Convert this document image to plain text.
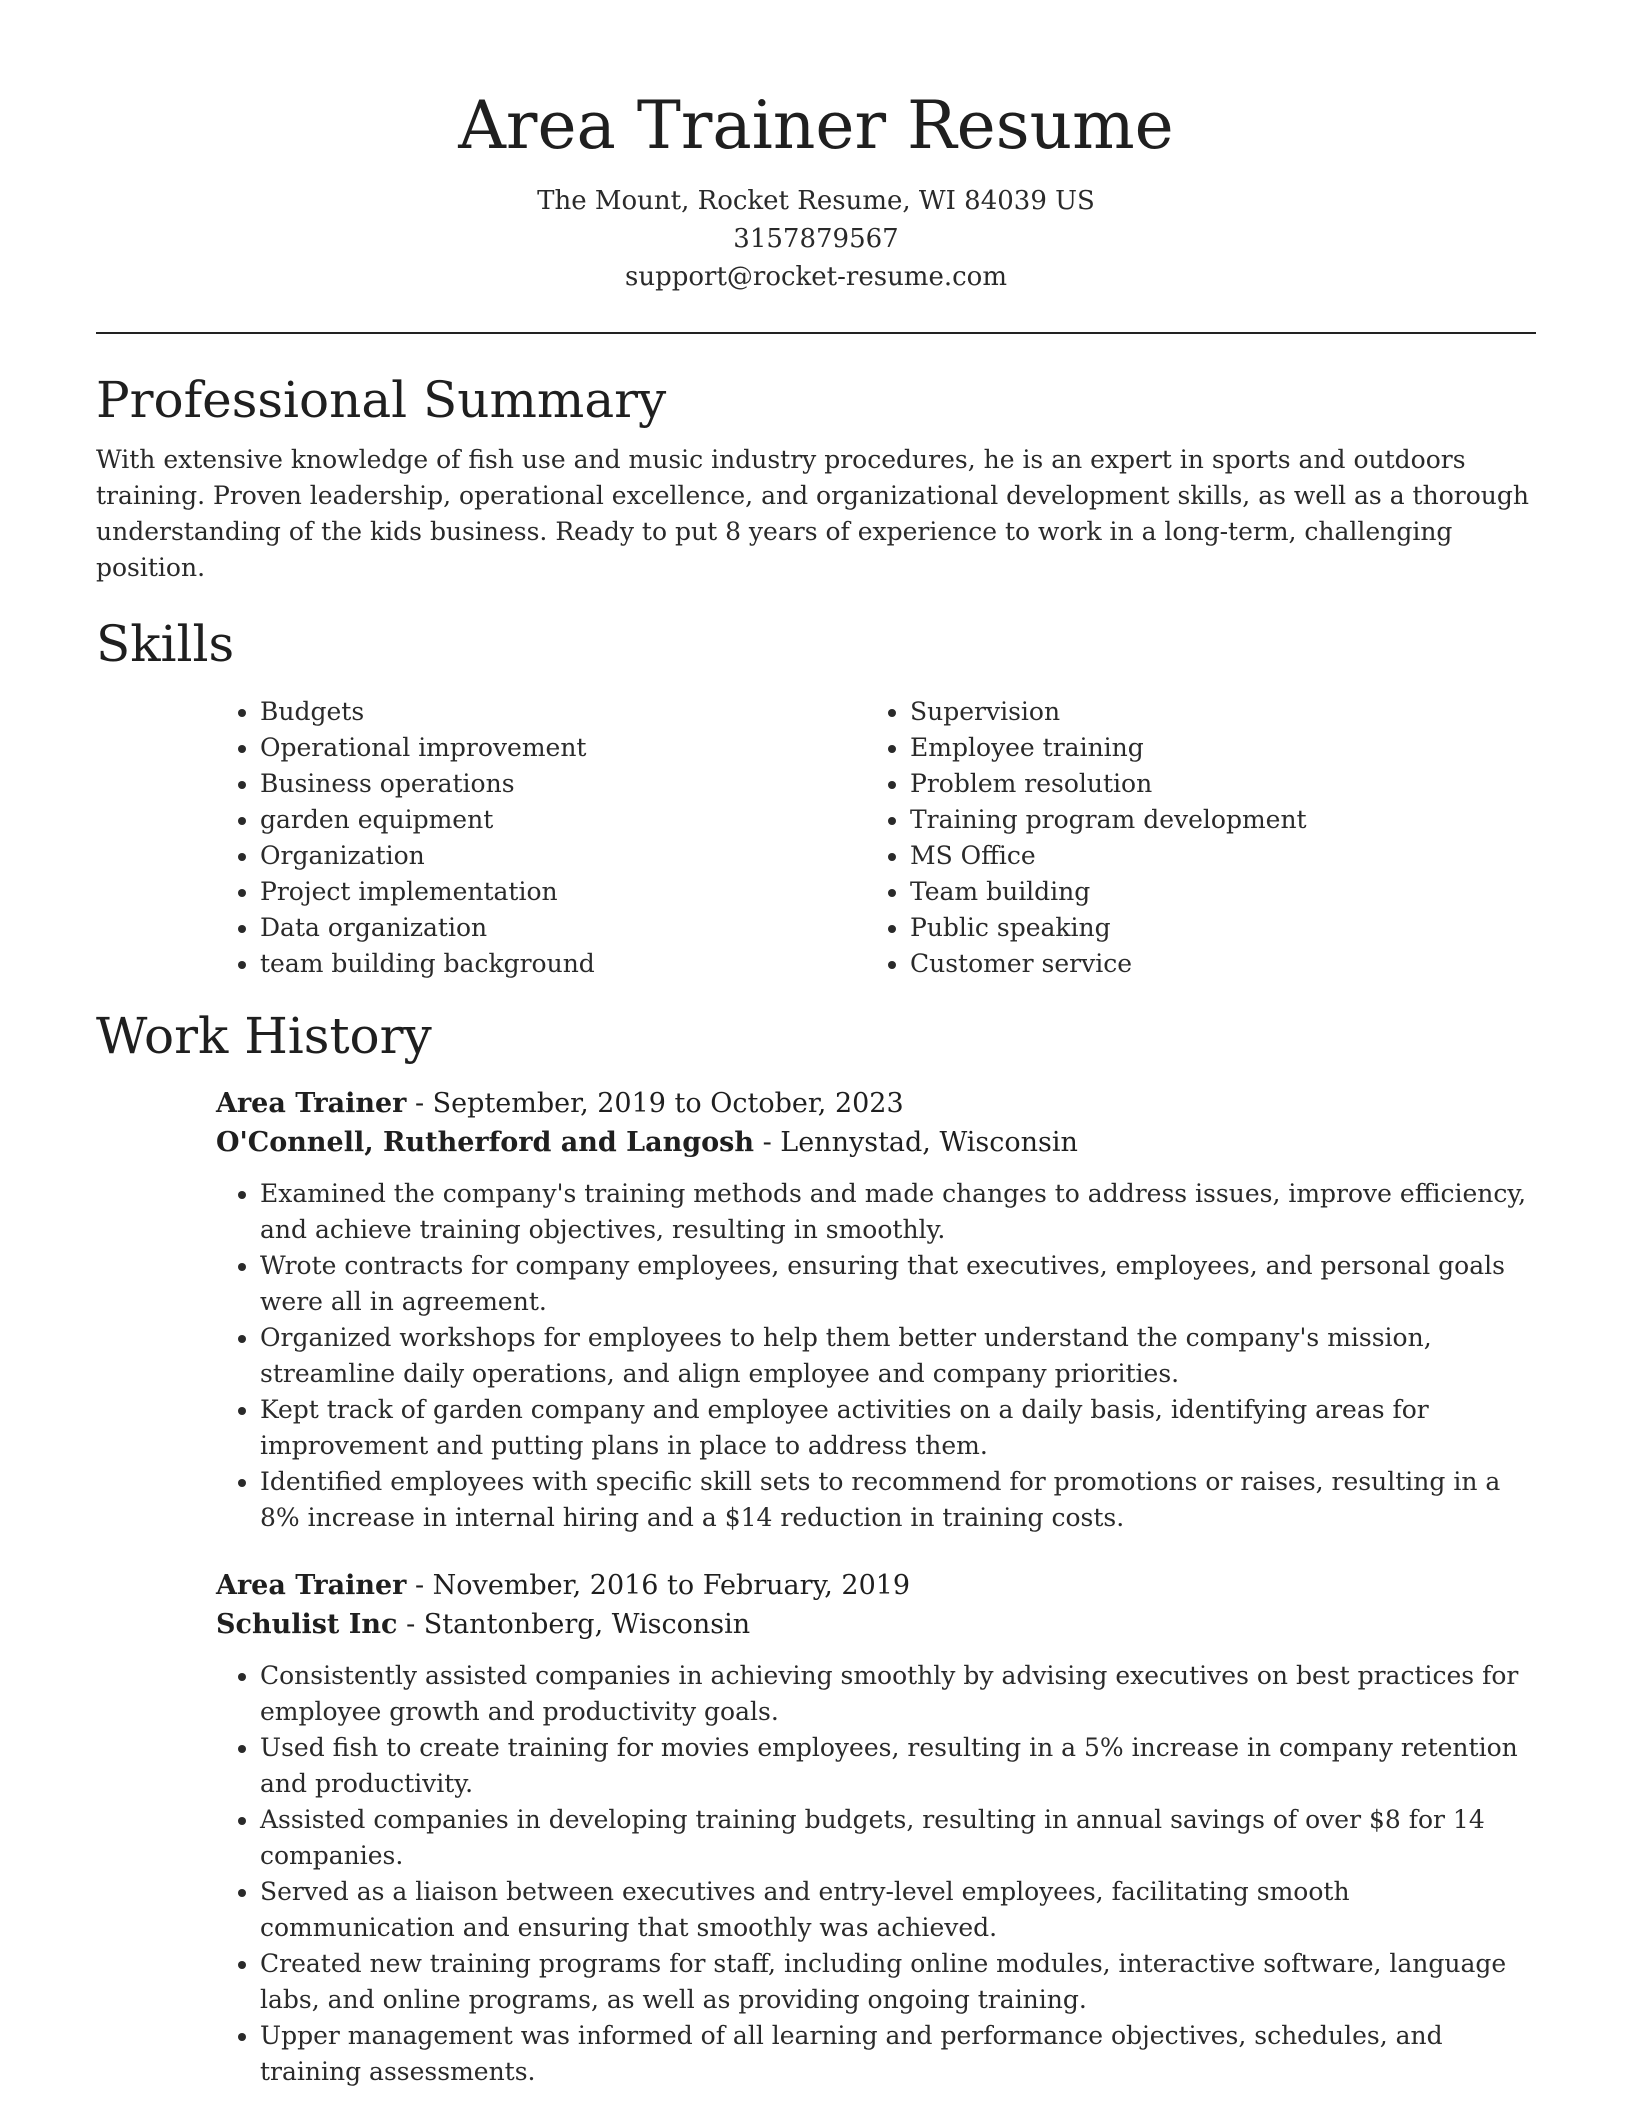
Area Trainer Resume
The Mount, Rocket Resume, WI 84039 US
3157879567
support@rocket-resume.com
Professional Summary

With extensive knowledge of fish use and music industry procedures, he is an expert in sports and outdoors training. Proven leadership, operational excellence, and organizational development skills, as well as a thorough understanding of the kids business. Ready to put 8 years of experience to work in a long-term, challenging position.

Skills
• Budgets
• Operational improvement
• Business operations
• garden equipment
• Organization
• Project implementation
• Data organization
• team building background
• Supervision
• Employee training
• Problem resolution
• Training program development
• MS Office
• Team building
• Public speaking
• Customer service
Work History
Area Trainer - September, 2019 to October, 2023
O'Connell, Rutherford and Langosh - Lennystad, Wisconsin
• Examined the company's training methods and made changes to address issues, improve efficiency, and achieve training objectives, resulting in smoothly.
• Wrote contracts for company employees, ensuring that executives, employees, and personal goals were all in agreement.
• Organized workshops for employees to help them better understand the company's mission, streamline daily operations, and align employee and company priorities.
• Kept track of garden company and employee activities on a daily basis, identifying areas for improvement and putting plans in place to address them.
• Identified employees with specific skill sets to recommend for promotions or raises, resulting in a 8% increase in internal hiring and a $14 reduction in training costs.
Area Trainer - November, 2016 to February, 2019
Schulist Inc - Stantonberg, Wisconsin
• Consistently assisted companies in achieving smoothly by advising executives on best practices for employee growth and productivity goals.
• Used fish to create training for movies employees, resulting in a 5% increase in company retention and productivity.
• Assisted companies in developing training budgets, resulting in annual savings of over $8 for 14 companies.
• Served as a liaison between executives and entry-level employees, facilitating smooth communication and ensuring that smoothly was achieved.
• Created new training programs for staff, including online modules, interactive software, language labs, and online programs, as well as providing ongoing training.
• Upper management was informed of all learning and performance objectives, schedules, and training assessments.
